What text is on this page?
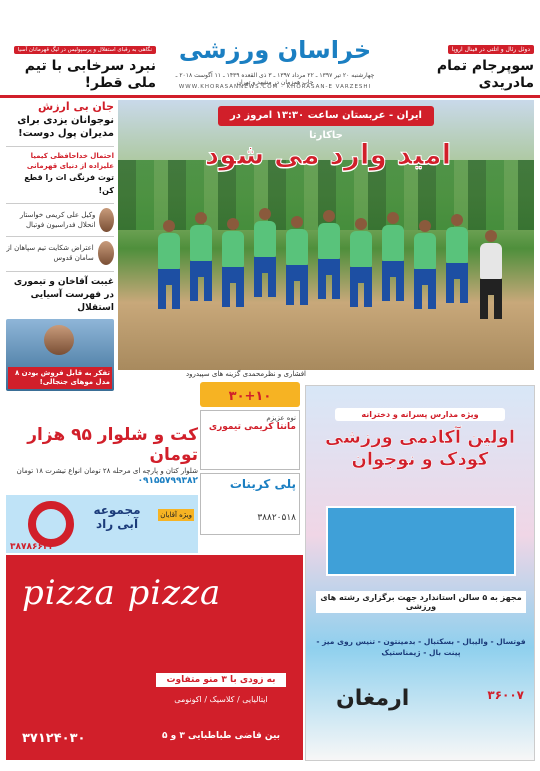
دوئل رئال و اتلتی در فینال اروپا
سوپرجام تمام مادریدی
خراسان ورزشی
چهارشنبه ۲۰ تیر ۱۳۹۷ ـ ۲۲ مرداد ۱۳۹۷ ـ ۳ ذی القعده ۱۴۳۹ ـ ۱۱ آگوست ۲۰۱۸ ـ چاپ همزمان در مشهد و تهران
WWW.KHORASANNEWS.COM · KHORASAN-E VARZESHI
نگاهی به رقبای استقلال و پرسپولیس در لیگ قهرمانان آسیا
نبرد سرخابی با تیم ملی قطر!
جان بی ارزش
نوجوانان یزدی برای مدیران پول دوست!
احتمال خداحافظی کیمیا علیزاده از دنیای قهرمانی
توت فرنگی ات را قطع کن!
وکیل علی کریمی خواستار انحلال فدراسیون فوتبال
اعتراض شکایت تیم سپاهان از سامان قدوس
غیبت آقاخان و تیموری در فهرست آسیایی استقلال
تفکر به قابل فروش بودن ۸ مدل موهای جنجالی!
ایران - عربستان ساعت ۱۳:۳۰ امروز در جاکارتا
امید وارد می شود
افشاری و نظرمحمدی گزینه های سپیدرود
۳۰+۱۰
نوه عزیزم
مانتا کریمی تیموری
پلی کربنات
۳۸۸۲۰۵۱۸
کت و شلوار ۹۵ هزار تومان
شلوار کتان و پارچه ای مرحله ۲۸ تومان انواع تیشرت ۱۸ تومان
۰۹۱۵۵۷۹۹۳۸۲
مجموعه آبی راد
ویژه آقایان
۳۸۷۸۶۶۳۴
ویژه مدارس پسرانه و دخترانه
اولین آکادمی ورزشی کودک و نوجوان
مجهز به ۵ سالن استاندارد جهت برگزاری رشته های ورزشی
فوتسال - والیبال - بسکتبال - بدمینتون - تنیس روی میز - پینت بال - ژیمناستیک
ارمغان	۳۶۰۰۷
pizza pizza
به زودی با ۳ منو متفاوت
ایتالیایی / کلاسیک / اکونومی
بین قاضی طباطبایی ۳ و ۵
۳۷۱۲۴۰۳۰
